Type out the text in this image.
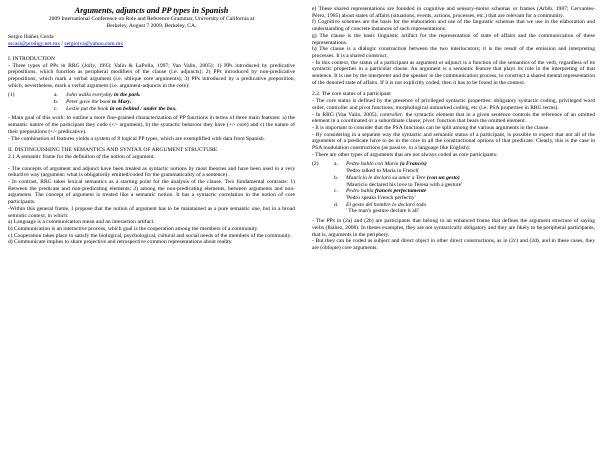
Arguments, adjuncts and PP types in Spanish
2009 International Conference on Role and Reference Grammar, University of California at
Berkeley, August 7 2009, Berkeley, CA.
Sergio Ibáñez Cerda
sscasi@prodigy.net.mx / sergioiva@yahoo.com.mx
I. INTRODUCTION

- Three types of PPs in RRG (Jolly, 1993; Valin & LaPolla, 1997; Van Valin, 2005): 1) PPs introduced by predicative prepositions, which function as peripheral modifiers of the clause (i.e. adjuncts); 2) PPs introduced by non-predicative prepositions, which mark a verbal argument (i.e. oblique core arguments); 3) PPs introduced by a predicative preposition, which, nevertheless, mark a verbal argument (i.e. argument-adjuncts in the core):

(1)	a.	John walks everyday in the park.
b.	Peter gave the book to Mary.
c.	Leslie put the book in on behind / under the box.

- Main goal of this work: to outline a more fine-grained characterization of PP functions in terms of three main features: a) the semantic nature of the participant they code (+/- argument), b) the syntactic behavior they have (+/- core) and c) the nature of their prepositions (+/- predicative).

- The combination of features yields a system of 8 logical PP types, which are exemplified with data from Spanish.

II. DISTINGUISHING THE SEMANTICS AND SYNTAX OF ARGUMENT STRUCTURE
2.1 A semantic frame for the definition of the notion of argument.

- The concepts of argument and adjunct have been treated as syntactic notions by most theories and have been used in a very reductive way (argument: what is obligatorily emitted/coded for the grammaticality of a sentence).

- In contrast, RRG takes lexical semantics as a starting point for the analysis of the clause. Two fundamental contrasts: 1) Between the predicate and non-predicating elements; 2) among the non-predicating elements, between arguments and non-arguments. The concept of argument is treated like a semantic notion. It has a syntactic correlation in the notion of core participants.

-Within this general frame, I propose that the notion of argument has to be maintained as a pure semantic one, but in a broad semiotic context, in which:

a) Language is a communication mean and an interaction artifact.

b) Communication is an interactive process, which goal is the cooperation among the members of a community.

c) Cooperation takes place to satisfy the biological, psychological, cultural and social needs of the members of the community.

d) Communicate implies to share projective and retrospective common representations about reality.

e) These shared representations are founded in cognitive and sensory-motor schemas or frames (Arbib, 1987; Cervantes-Pérez, 1985) about states of affairs (situations, events, actions, processes, etc.) that are relevant for a community.

f) Cognitive schemes are the basis for the elaboration and use of the linguistic schemas that we use in the elaboration and understanding of concrete instances of such representations.

g) The clause is the basic linguistic artifact for the representation of state of affairs and the communication of these representations.

h) The clause is a dialogic construction between the two interlocutors; it is the result of the emission and interpreting processes. It is a shared construct.

- In this context, the status of a participant as argument or adjunct is a function of the semantics of the verb, regardless of its syntactic properties in a particular clause. An argument is a semantic feature that plays its role in the interpreting of that sentence. It is use by the interpreter and the speaker in the communication process, to construct a shared mental representation of the denoted state of affairs. If it is not explicitly coded, then it has to be found in the context.

2.2. The core status of a participant

- The core status is defined by the presence of privileged syntactic properties: obligatory syntactic coding, privileged word order, controller and pivot functions, morphological unmarked coding, etc (i.e. PSA properties in RRG terms).

- In RRG (Van Valin, 2005), controller: the syntactic element that in a given sentence controls the reference of an omitted element in a coordinated or a subordinate clause; pivot: function that bears the omitted element.

- It is important to consider that the PSA functions can be split among the various arguments in the clause.

- By considering in a separate way the syntactic and semantic status of a participant, is possible to expect that not all of the arguments of a predicate have to be in the core in all the constructional options of that predicate. Clearly, this is the case in PSA modulation constructions (as passive, in a language like English):

- There are other types of arguments that are not always coded as core participants:

(2)	a.	Pedro habló con María (a Francés)
'Pedro talked to Maria in French'
b.	Mauricio le declaró su amor a Tere (con un gesto)
'Mauricio declared his love to Teresa with a gesture'
c.	Pedro habla francés perfectamente
'Pedro speaks French perfectly'
d.	El gesto del hombre lo declaró todo
' The man's gesture declare it all'

- The PPs in (2a) and (2b) are participants that belong to an enhanced frame that defines the argument structure of saying verbs (Ibáñez, 2008). In theses examples, they are not syntactically obligatory and they are likely to be peripheral participants, that is, arguments in the periphery.

- But they can be coded as subject and direct object in other direct constructions, as in (2c) and (2d), and in these cases, they are (oblique) core arguments.
